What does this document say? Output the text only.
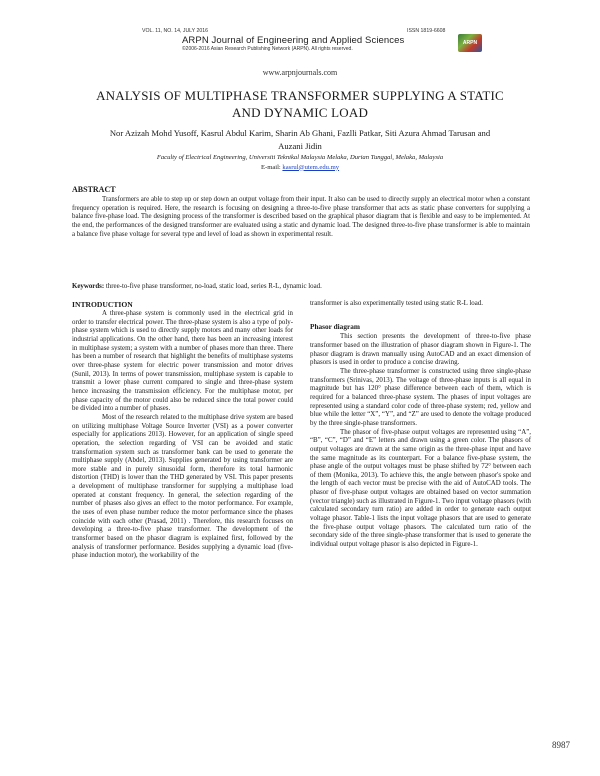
VOL. 11, NO. 14, JULY 2016	ISSN 1819-6608
ARPN Journal of Engineering and Applied Sciences
©2006-2016 Asian Research Publishing Network (ARPN). All rights reserved.
ARPN
www.arpnjournals.com
ANALYSIS OF MULTIPHASE TRANSFORMER SUPPLYING A STATIC
AND DYNAMIC LOAD
Nor Azizah Mohd Yusoff, Kasrul Abdul Karim, Sharin Ab Ghani, Fazlli Patkar, Siti Azura Ahmad Tarusan and
Auzani Jidin
Faculty of Electrical Engineering, Universiti Teknikal Malaysia Melaka, Durian Tunggal, Melaka, Malaysia
E-mail: kasrul@utem.edu.my
ABSTRACT
Transformers are able to step up or step down an output voltage from their input. It also can be used to directly supply an electrical motor when a constant frequency operation is required. Here, the research is focusing on designing a three-to-five phase transformer that acts as static phase converters for supplying a balance five-phase load. The designing process of the transformer is described based on the graphical phasor diagram that is flexible and easy to be implemented. At the end, the performances of the designed transformer are evaluated using a static and dynamic load. The designed three-to-five phase transformer is able to maintain a balance five phase voltage for several type and level of load as shown in experimental result.
Keywords: three-to-five phase transformer, no-load, static load, series R-L, dynamic load.

INTRODUCTION

A three-phase system is commonly used in the electrical grid in order to transfer electrical power. The three-phase system is also a type of poly-phase system which is used to directly supply motors and many other loads for industrial applications. On the other hand, there has been an increasing interest in multiphase system; a system with a number of phases more than three. There has been a number of research that highlight the benefits of multiphase systems over three-phase system for electric power transmission and motor drives (Sunil, 2013). In terms of power transmission, multiphase system is capable to transmit a lower phase current compared to single and three-phase system hence increasing the transmission efficiency. For the multiphase motor, per phase capacity of the motor could also be reduced since the total power could be divided into a number of phases.

Most of the research related to the multiphase drive system are based on utilizing multiphase Voltage Source Inverter (VSI) as a power converter especially for applications 2013). However, for an application of single speed operation, the selection regarding of VSI can be avoided and static transformation system such as transformer bank can be used to generate the multiphase supply (Abdel, 2013). Supplies generated by using transformer are more stable and in purely sinusoidal form, therefore its total harmonic distortion (THD) is lower than the THD generated by VSI. This paper presents a development of multiphase transformer for supplying a multiphase load operated at constant frequency. In general, the selection regarding of the number of phases also gives an effect to the motor performance. For example, the uses of even phase number reduce the motor performance since the phases coincide with each other (Prasad, 2011) . Therefore, this research focuses on developing a three-to-five phase transformer. The development of the transformer based on the phasor diagram is explained first, followed by the analysis of transformer performance. Besides supplying a dynamic load (five-phase induction motor), the workability of the

transformer is also experimentally tested using static R-L load.

Phasor diagram

This section presents the development of three-to-five phase transformer based on the illustration of phasor diagram shown in Figure-1. The phasor diagram is drawn manually using AutoCAD and an exact dimension of phasors is used in order to produce a concise drawing.

The three-phase transformer is constructed using three single-phase transformers (Srinivas, 2013). The voltage of three-phase inputs is all equal in magnitude but has 120° phase difference between each of them, which is required for a balanced three-phase system. The phases of input voltages are represented using a standard color code of three-phase system; red, yellow and blue while the letter “X”, “Y”, and “Z” are used to denote the voltage produced by the three single-phase transformers.

The phasor of five-phase output voltages are represented using “A”, “B”, “C”, “D” and “E” letters and drawn using a green color. The phasors of output voltages are drawn at the same origin as the three-phase input and have the same magnitude as its counterpart. For a balance five-phase system, the phase angle of the output voltages must be phase shifted by 72° between each of them (Monika, 2013). To achieve this, the angle between phasor's spoke and the length of each vector must be precise with the aid of AutoCAD tools. The phasor of five-phase output voltages are obtained based on vector summation (vector triangle) such as illustrated in Figure-1. Two input voltage phasors (with calculated secondary turn ratio) are added in order to generate each output voltage phasor. Table-1 lists the input voltage phasors that are used to generate the five-phase output voltage phasors. The calculated turn ratio of the secondary side of the three single-phase transformer that is used to generate the individual output voltage phasor is also depicted in Figure-1.

8987
